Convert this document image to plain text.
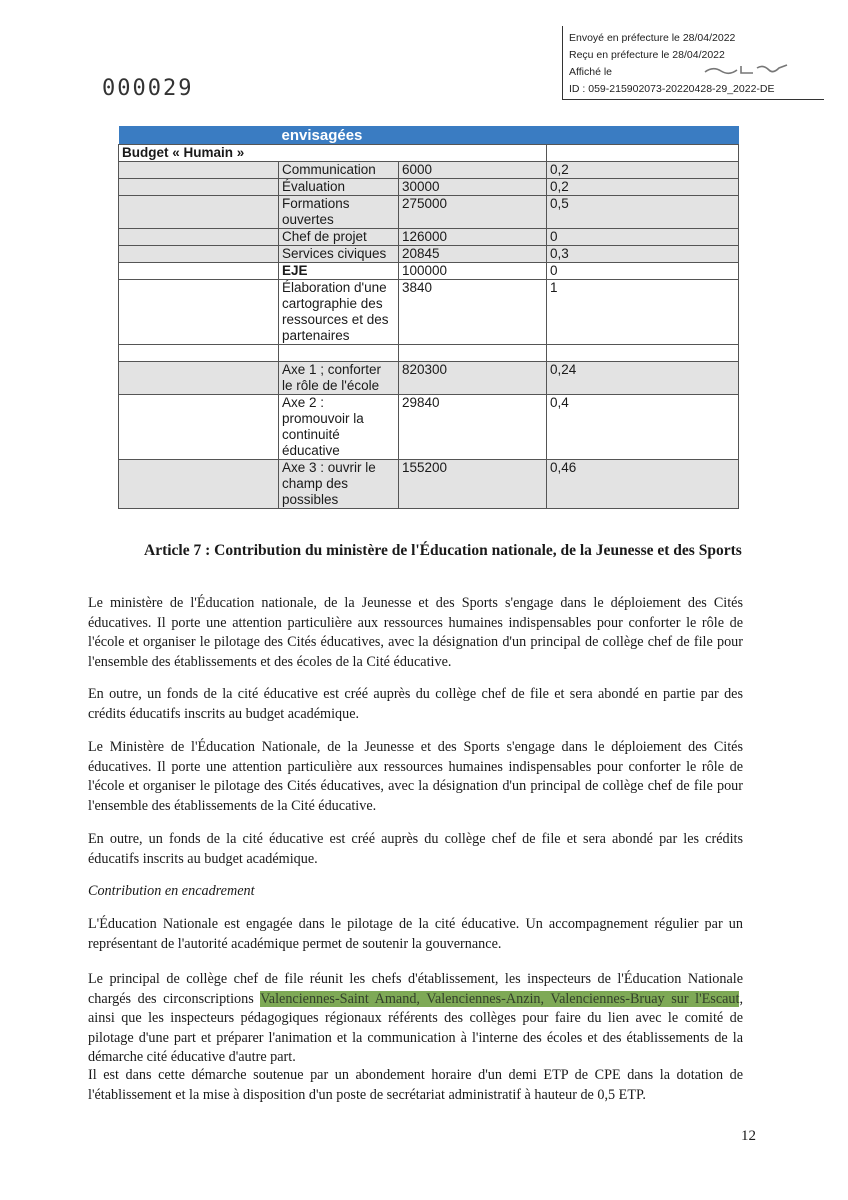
Envoyé en préfecture le 28/04/2022
Reçu en préfecture le 28/04/2022
Affiché le
ID : 059-215902073-20220428-29_2022-DE
000029
	envisagées		
Budget « Humain »			
	Communication	6000	0,2
	Évaluation	30000	0,2
	Formations ouvertes	275000	0,5
	Chef de projet	126000	0
	Services civiques	20845	0,3
	EJE	100000	0
	Élaboration d'une cartographie des ressources et des partenaires	3840	1

	Axe 1 ; conforter le rôle de l'école	820300	0,24
	Axe 2 : promouvoir la continuité éducative	29840	0,4
	Axe 3 : ouvrir le champ des possibles	155200	0,46
Article 7 : Contribution du ministère de l'Éducation nationale, de la Jeunesse et des Sports
Le ministère de l'Éducation nationale, de la Jeunesse et des Sports s'engage dans le déploiement des Cités éducatives. Il porte une attention particulière aux ressources humaines indispensables pour conforter le rôle de l'école et organiser le pilotage des Cités éducatives, avec la désignation d'un principal de collège chef de file pour l'ensemble des établissements et des écoles de la Cité éducative.
En outre, un fonds de la cité éducative est créé auprès du collège chef de file et sera abondé en partie par des crédits éducatifs inscrits au budget académique.
Le Ministère de l'Éducation Nationale, de la Jeunesse et des Sports s'engage dans le déploiement des Cités éducatives. Il porte une attention particulière aux ressources humaines indispensables pour conforter le rôle de l'école et organiser le pilotage des Cités éducatives, avec la désignation d'un principal de collège chef de file pour l'ensemble des établissements de la Cité éducative.
En outre, un fonds de la cité éducative est créé auprès du collège chef de file et sera abondé par les crédits éducatifs inscrits au budget académique.
Contribution en encadrement
L'Éducation Nationale est engagée dans le pilotage de la cité éducative. Un accompagnement régulier par un représentant de l'autorité académique permet de soutenir la gouvernance.
Le principal de collège chef de file réunit les chefs d'établissement, les inspecteurs de l'Éducation Nationale chargés des circonscriptions Valenciennes-Saint Amand, Valenciennes-Anzin, Valenciennes-Bruay sur l'Escaut, ainsi que les inspecteurs pédagogiques régionaux référents des collèges pour faire du lien avec le comité de pilotage d'une part et préparer l'animation et la communication à l'interne des écoles et des établissements de la démarche cité éducative d'autre part.
Il est dans cette démarche soutenue par un abondement horaire d'un demi ETP de CPE dans la dotation de l'établissement et la mise à disposition d'un poste de secrétariat administratif à hauteur de 0,5 ETP.
12
